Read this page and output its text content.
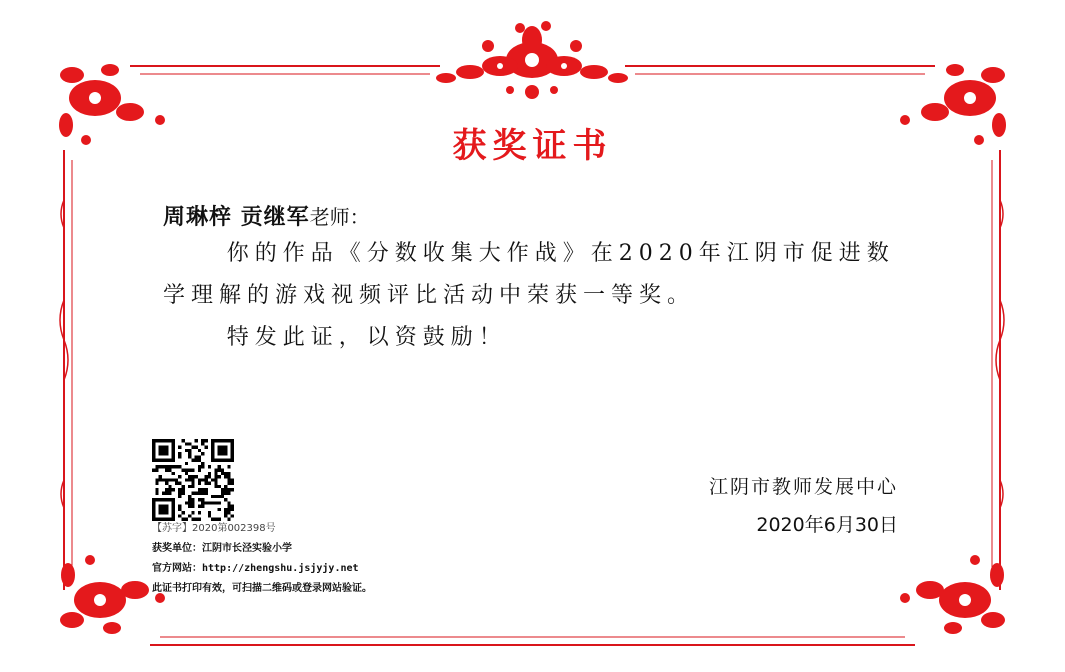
获奖证书
周琳梓 贡继军老师：

你的作品《分数收集大作战》在2020年江阴市促进数学理解的游戏视频评比活动中荣获一等奖。

特发此证，以资鼓励！

江阴市教师发展中心
2020年6月30日
【苏字】2020第002398号
获奖单位：江阴市长泾实验小学
官方网站：http://zhengshu.jsjyjy.net
此证书打印有效，可扫描二维码或登录网站验证。
